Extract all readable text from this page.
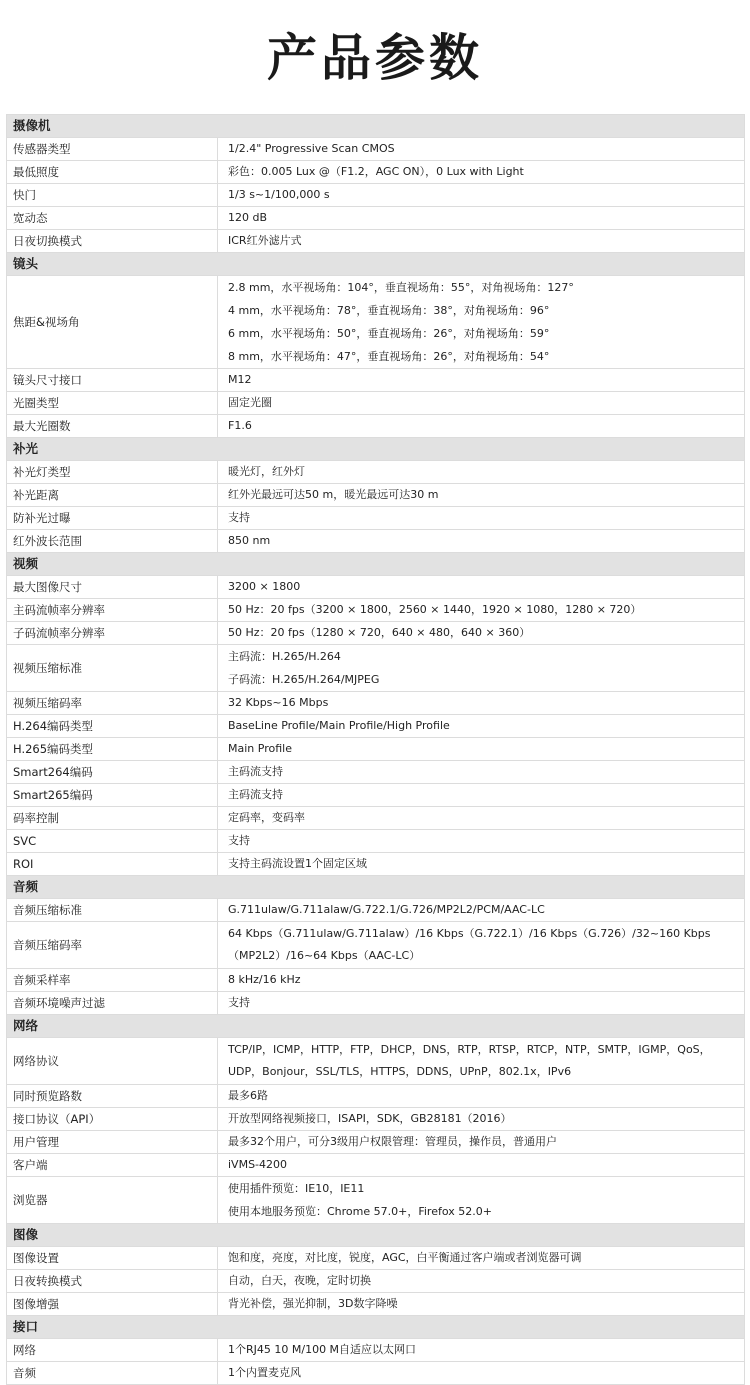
产品参数
摄像机	
传感器类型	1/2.4" Progressive Scan CMOS
最低照度	彩色：0.005 Lux @（F1.2，AGC ON），0 Lux with Light
快门	1/3 s~1/100,000 s
宽动态	120 dB
日夜切换模式	ICR红外滤片式
镜头	
焦距&视场角	2.8 mm，水平视场角：104°，垂直视场角：55°，对角视场角：127°
4 mm，水平视场角：78°，垂直视场角：38°，对角视场角：96°
6 mm，水平视场角：50°，垂直视场角：26°，对角视场角：59°
8 mm，水平视场角：47°，垂直视场角：26°，对角视场角：54°

镜头尺寸接口	M12
光圈类型	固定光圈
最大光圈数	F1.6
补光	
补光灯类型	暖光灯，红外灯
补光距离	红外光最远可达50 m，暖光最远可达30 m
防补光过曝	支持
红外波长范围	850 nm
视频	
最大图像尺寸	3200 × 1800
主码流帧率分辨率	50 Hz：20 fps（3200 × 1800，2560 × 1440，1920 × 1080，1280 × 720）
子码流帧率分辨率	50 Hz：20 fps（1280 × 720，640 × 480，640 × 360）
视频压缩标准	主码流：H.265/H.264
子码流：H.265/H.264/MJPEG

视频压缩码率	32 Kbps~16 Mbps
H.264编码类型	BaseLine Profile/Main Profile/High Profile
H.265编码类型	Main Profile
Smart264编码	主码流支持
Smart265编码	主码流支持
码率控制	定码率，变码率
SVC	支持
ROI	支持主码流设置1个固定区域
音频	
音频压缩标准	G.711ulaw/G.711alaw/G.722.1/G.726/MP2L2/PCM/AAC-LC
音频压缩码率	64 Kbps（G.711ulaw/G.711alaw）/16 Kbps（G.722.1）/16 Kbps（G.726）/32~160 Kbps（MP2L2）/16~64 Kbps（AAC-LC）

音频采样率	8 kHz/16 kHz
音频环境噪声过滤	支持
网络	
网络协议	TCP/IP，ICMP，HTTP，FTP，DHCP，DNS，RTP，RTSP，RTCP，NTP，SMTP，IGMP，QoS，UDP，Bonjour，SSL/TLS，HTTPS，DDNS，UPnP，802.1x，IPv6

同时预览路数	最多6路
接口协议（API）	开放型网络视频接口，ISAPI，SDK，GB28181（2016）
用户管理	最多32个用户，可分3级用户权限管理：管理员，操作员，普通用户
客户端	iVMS-4200
浏览器	使用插件预览：IE10，IE11
使用本地服务预览：Chrome 57.0+，Firefox 52.0+

图像	
图像设置	饱和度，亮度，对比度，锐度，AGC，白平衡通过客户端或者浏览器可调
日夜转换模式	自动，白天，夜晚，定时切换
图像增强	背光补偿，强光抑制，3D数字降噪
接口	
网络	1个RJ45 10 M/100 M自适应以太网口
音频	1个内置麦克风
